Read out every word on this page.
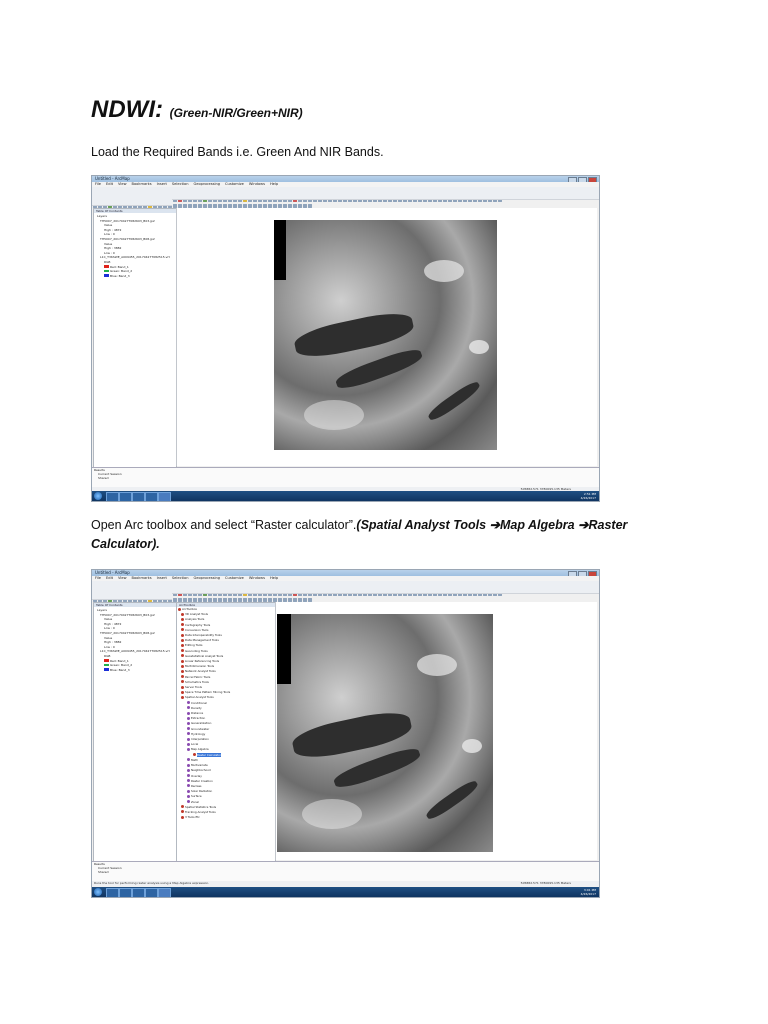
NDWI: (Green-NIR/Green+NIR)
Load the Required Bands i.e. Green And NIR Bands.
Untitled - ArcMap
File Edit View Bookmarks Insert Selection Geoprocessing Customize Windows Help
Table Of Contents
Layers
TH5007_20170427T082603_B03.jp2
Value
High : 4872
Low : 0
TH5007_20170427T082603_B08.jp2
Value
High : 3882
Low : 0
L1C_T36SWE_A009455_20170427T082515.vrt
RGB
Red: Band_1
Green: Band_2
Blue: Band_3
Results
Current Session
Shared
505882.571 3780095.135 Meters
2:51 PM
4/26/2017
Open Arc toolbox and select “Raster calculator”.(Spatial Analyst Tools ➔Map Algebra ➔Raster Calculator).
Untitled - ArcMap
File Edit View Bookmarks Insert Selection Geoprocessing Customize Windows Help
Table Of Contents
Layers
TH5007_20170427T082603_B03.jp2
Value
High : 4872
Low : 0
TH5007_20170427T082603_B08.jp2
Value
High : 3882
Low : 0
L1C_T36SWE_A009455_20170427T082515.vrt
RGB
Red: Band_1
Green: Band_2
Blue: Band_3
ArcToolbox
ArcToolbox
3D Analyst Tools
Analysis Tools
Cartography Tools
Conversion Tools
Data Interoperability Tools
Data Management Tools
Editing Tools
Geocoding Tools
Geostatistical Analyst Tools
Linear Referencing Tools
Multidimension Tools
Network Analyst Tools
Parcel Fabric Tools
Schematics Tools
Server Tools
Space Time Pattern Mining Tools
Spatial Analyst Tools
Conditional
Density
Distance
Extraction
Generalization
Groundwater
Hydrology
Interpolation
Local
Map Algebra
Raster Calculator
Math
Multivariate
Neighborhood
Overlay
Raster Creation
Reclass
Solar Radiation
Surface
Zonal
Spatial Statistics Tools
Tracking Analyst Tools
3 Tools Etc
Results
Current Session
Shared
Runs the tool for performing raster analysis using a Map Algebra expression.	505882.571 3780095.135 Meters
3:01 PM
4/26/2017
